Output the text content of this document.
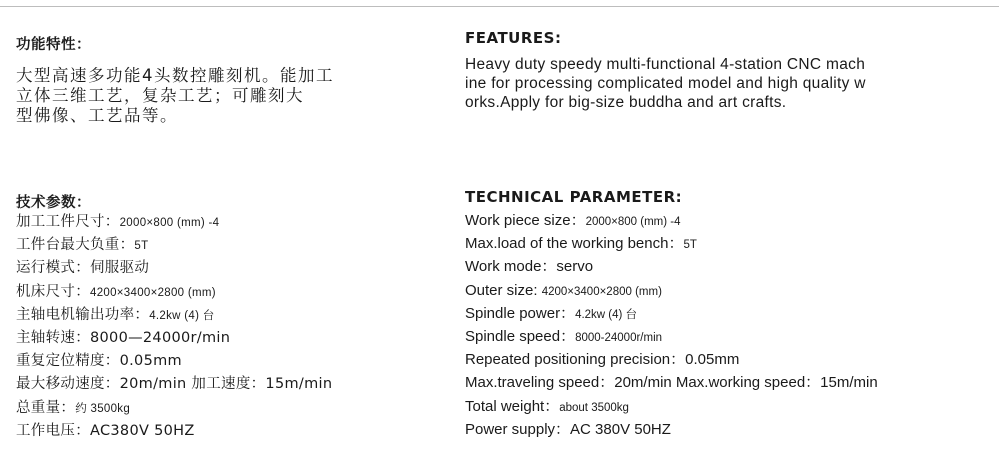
功能特性：

大型高速多功能4头数控雕刻机。能加工
立体三维工艺，复杂工艺；可雕刻大
型佛像、工艺品等。

技术参数：

加工工件尺寸：2000×800 (mm) -4
工件台最大负重：5T
运行模式：伺服驱动
机床尺寸：4200×3400×2800 (mm)
主轴电机输出功率：4.2kw (4) 台
主轴转速：8000—24000r/min
重复定位精度：0.05mm
最大移动速度：20m/min 加工速度：15m/min
总重量：约 3500kg
工作电压：AC380V 50HZ

FEATURES:

Heavy duty speedy multi-functional 4-station CNC mach
ine for processing complicated model and high quality w
orks.Apply for big-size buddha and art crafts.

TECHNICAL PARAMETER:

Work piece size：2000×800 (mm) -4
Max.load of the working bench：5T
Work mode：servo
Outer size: 4200×3400×2800 (mm)
Spindle power：4.2kw (4) 台
Spindle speed：8000-24000r/min
Repeated positioning precision：0.05mm
Max.traveling speed：20m/min Max.working speed：15m/min
Total weight：about 3500kg
Power supply：AC 380V 50HZ
